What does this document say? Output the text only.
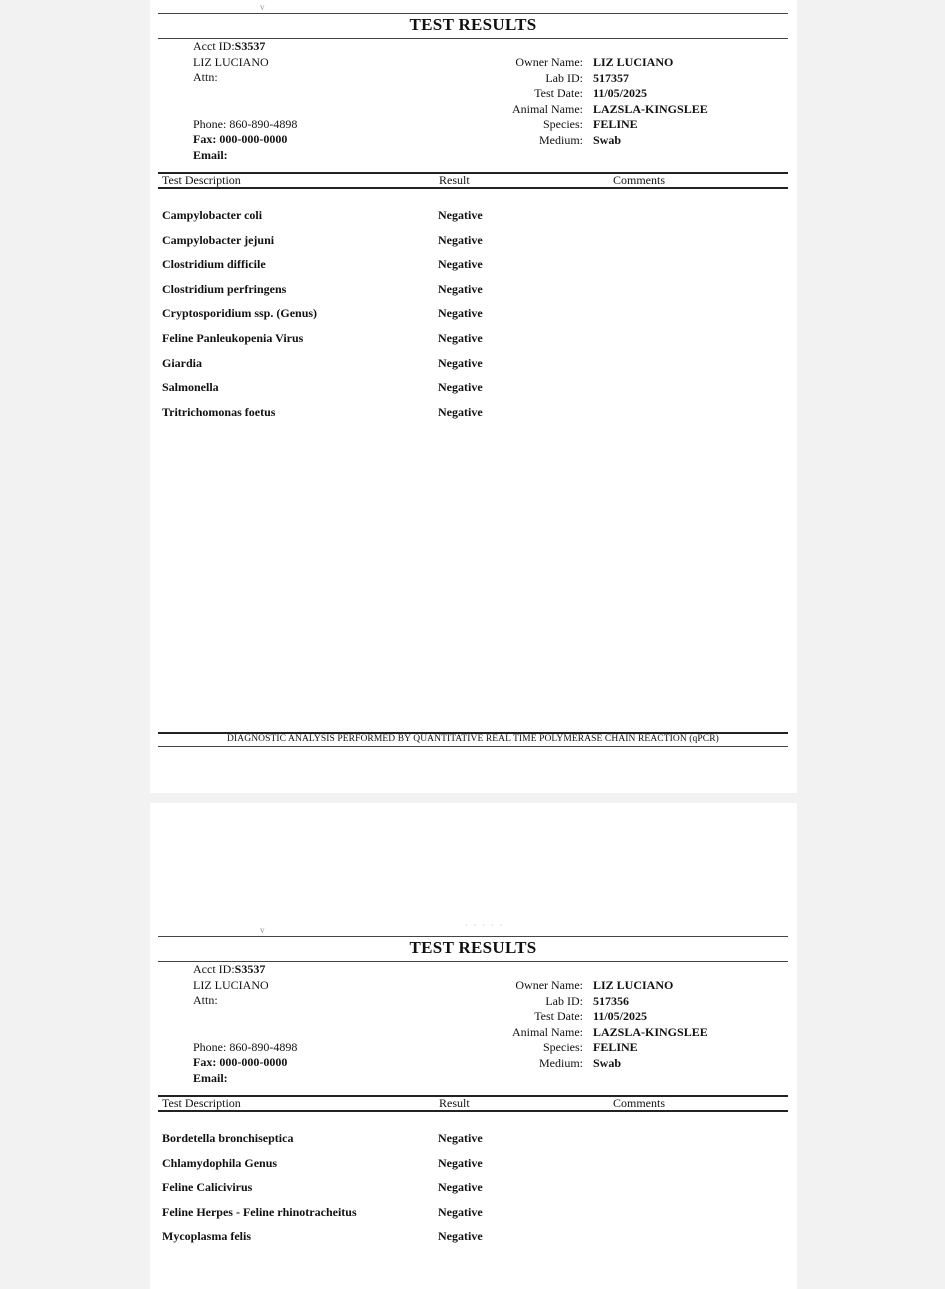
v
TEST RESULTS
Acct ID:S3537
LIZ LUCIANO
Attn:
Phone: 860-890-4898
Fax: 000-000-0000
Email:
Owner Name: LIZ LUCIANO
Lab ID: 517357
Test Date: 11/05/2025
Animal Name: LAZSLA-KINGSLEE
Species: FELINE
Medium: Swab
Test Description	Result	Comments
Campylobacter coli	Negative
Campylobacter jejuni	Negative
Clostridium difficile	Negative
Clostridium perfringens	Negative
Cryptosporidium ssp. (Genus)	Negative
Feline Panleukopenia Virus	Negative
Giardia	Negative
Salmonella	Negative
Tritrichomonas foetus	Negative
DIAGNOSTIC ANALYSIS PERFORMED BY QUANTITATIVE REAL TIME POLYMERASE CHAIN REACTION (qPCR)
· · · · ·
v
TEST RESULTS
Acct ID:S3537
LIZ LUCIANO
Attn:
Phone: 860-890-4898
Fax: 000-000-0000
Email:
Owner Name: LIZ LUCIANO
Lab ID: 517356
Test Date: 11/05/2025
Animal Name: LAZSLA-KINGSLEE
Species: FELINE
Medium: Swab
Test Description	Result	Comments
Bordetella bronchiseptica	Negative
Chlamydophila Genus	Negative
Feline Calicivirus	Negative
Feline Herpes - Feline rhinotracheitus	Negative
Mycoplasma felis	Negative
